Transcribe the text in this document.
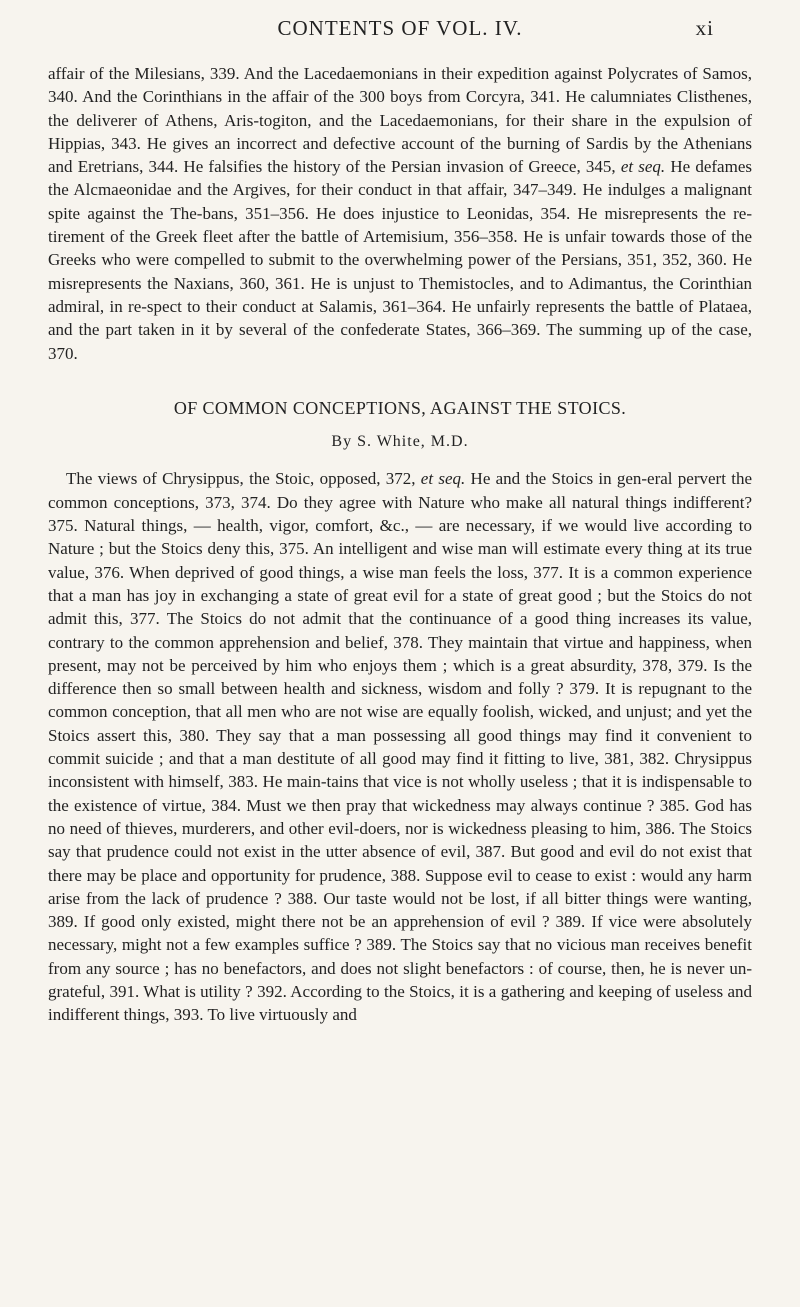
CONTENTS OF VOL. IV.	xi

affair of the Milesians, 339. And the Lacedaemonians in their expedition against Polycrates of Samos, 340. And the Corinthians in the affair of the 300 boys from Corcyra, 341. He calumniates Clisthenes, the deliverer of Athens, Aris-togiton, and the Lacedaemonians, for their share in the expulsion of Hippias, 343. He gives an incorrect and defective account of the burning of Sardis by the Athenians and Eretrians, 344. He falsifies the history of the Persian invasion of Greece, 345, et seq. He defames the Alcmaeonidae and the Argives, for their conduct in that affair, 347–349. He indulges a malignant spite against the The-bans, 351–356. He does injustice to Leonidas, 354. He misrepresents the re-tirement of the Greek fleet after the battle of Artemisium, 356–358. He is unfair towards those of the Greeks who were compelled to submit to the overwhelming power of the Persians, 351, 352, 360. He misrepresents the Naxians, 360, 361. He is unjust to Themistocles, and to Adimantus, the Corinthian admiral, in re-spect to their conduct at Salamis, 361–364. He unfairly represents the battle of Plataea, and the part taken in it by several of the confederate States, 366–369. The summing up of the case, 370.

OF COMMON CONCEPTIONS, AGAINST THE STOICS.
By S. White, M.D.

The views of Chrysippus, the Stoic, opposed, 372, et seq. He and the Stoics in gen-eral pervert the common conceptions, 373, 374. Do they agree with Nature who make all natural things indifferent? 375. Natural things, — health, vigor, comfort, &c., — are necessary, if we would live according to Nature ; but the Stoics deny this, 375. An intelligent and wise man will estimate every thing at its true value, 376. When deprived of good things, a wise man feels the loss, 377. It is a common experience that a man has joy in exchanging a state of great evil for a state of great good ; but the Stoics do not admit this, 377. The Stoics do not admit that the continuance of a good thing increases its value, contrary to the common apprehension and belief, 378. They maintain that virtue and happiness, when present, may not be perceived by him who enjoys them ; which is a great absurdity, 378, 379. Is the difference then so small between health and sickness, wisdom and folly ? 379. It is repugnant to the common conception, that all men who are not wise are equally foolish, wicked, and unjust; and yet the Stoics assert this, 380. They say that a man possessing all good things may find it convenient to commit suicide ; and that a man destitute of all good may find it fitting to live, 381, 382. Chrysippus inconsistent with himself, 383. He main-tains that vice is not wholly useless ; that it is indispensable to the existence of virtue, 384. Must we then pray that wickedness may always continue ? 385. God has no need of thieves, murderers, and other evil-doers, nor is wickedness pleasing to him, 386. The Stoics say that prudence could not exist in the utter absence of evil, 387. But good and evil do not exist that there may be place and opportunity for prudence, 388. Suppose evil to cease to exist : would any harm arise from the lack of prudence ? 388. Our taste would not be lost, if all bitter things were wanting, 389. If good only existed, might there not be an apprehension of evil ? 389. If vice were absolutely necessary, might not a few examples suffice ? 389. The Stoics say that no vicious man receives benefit from any source ; has no benefactors, and does not slight benefactors : of course, then, he is never un-grateful, 391. What is utility ? 392. According to the Stoics, it is a gathering and keeping of useless and indifferent things, 393. To live virtuously and
